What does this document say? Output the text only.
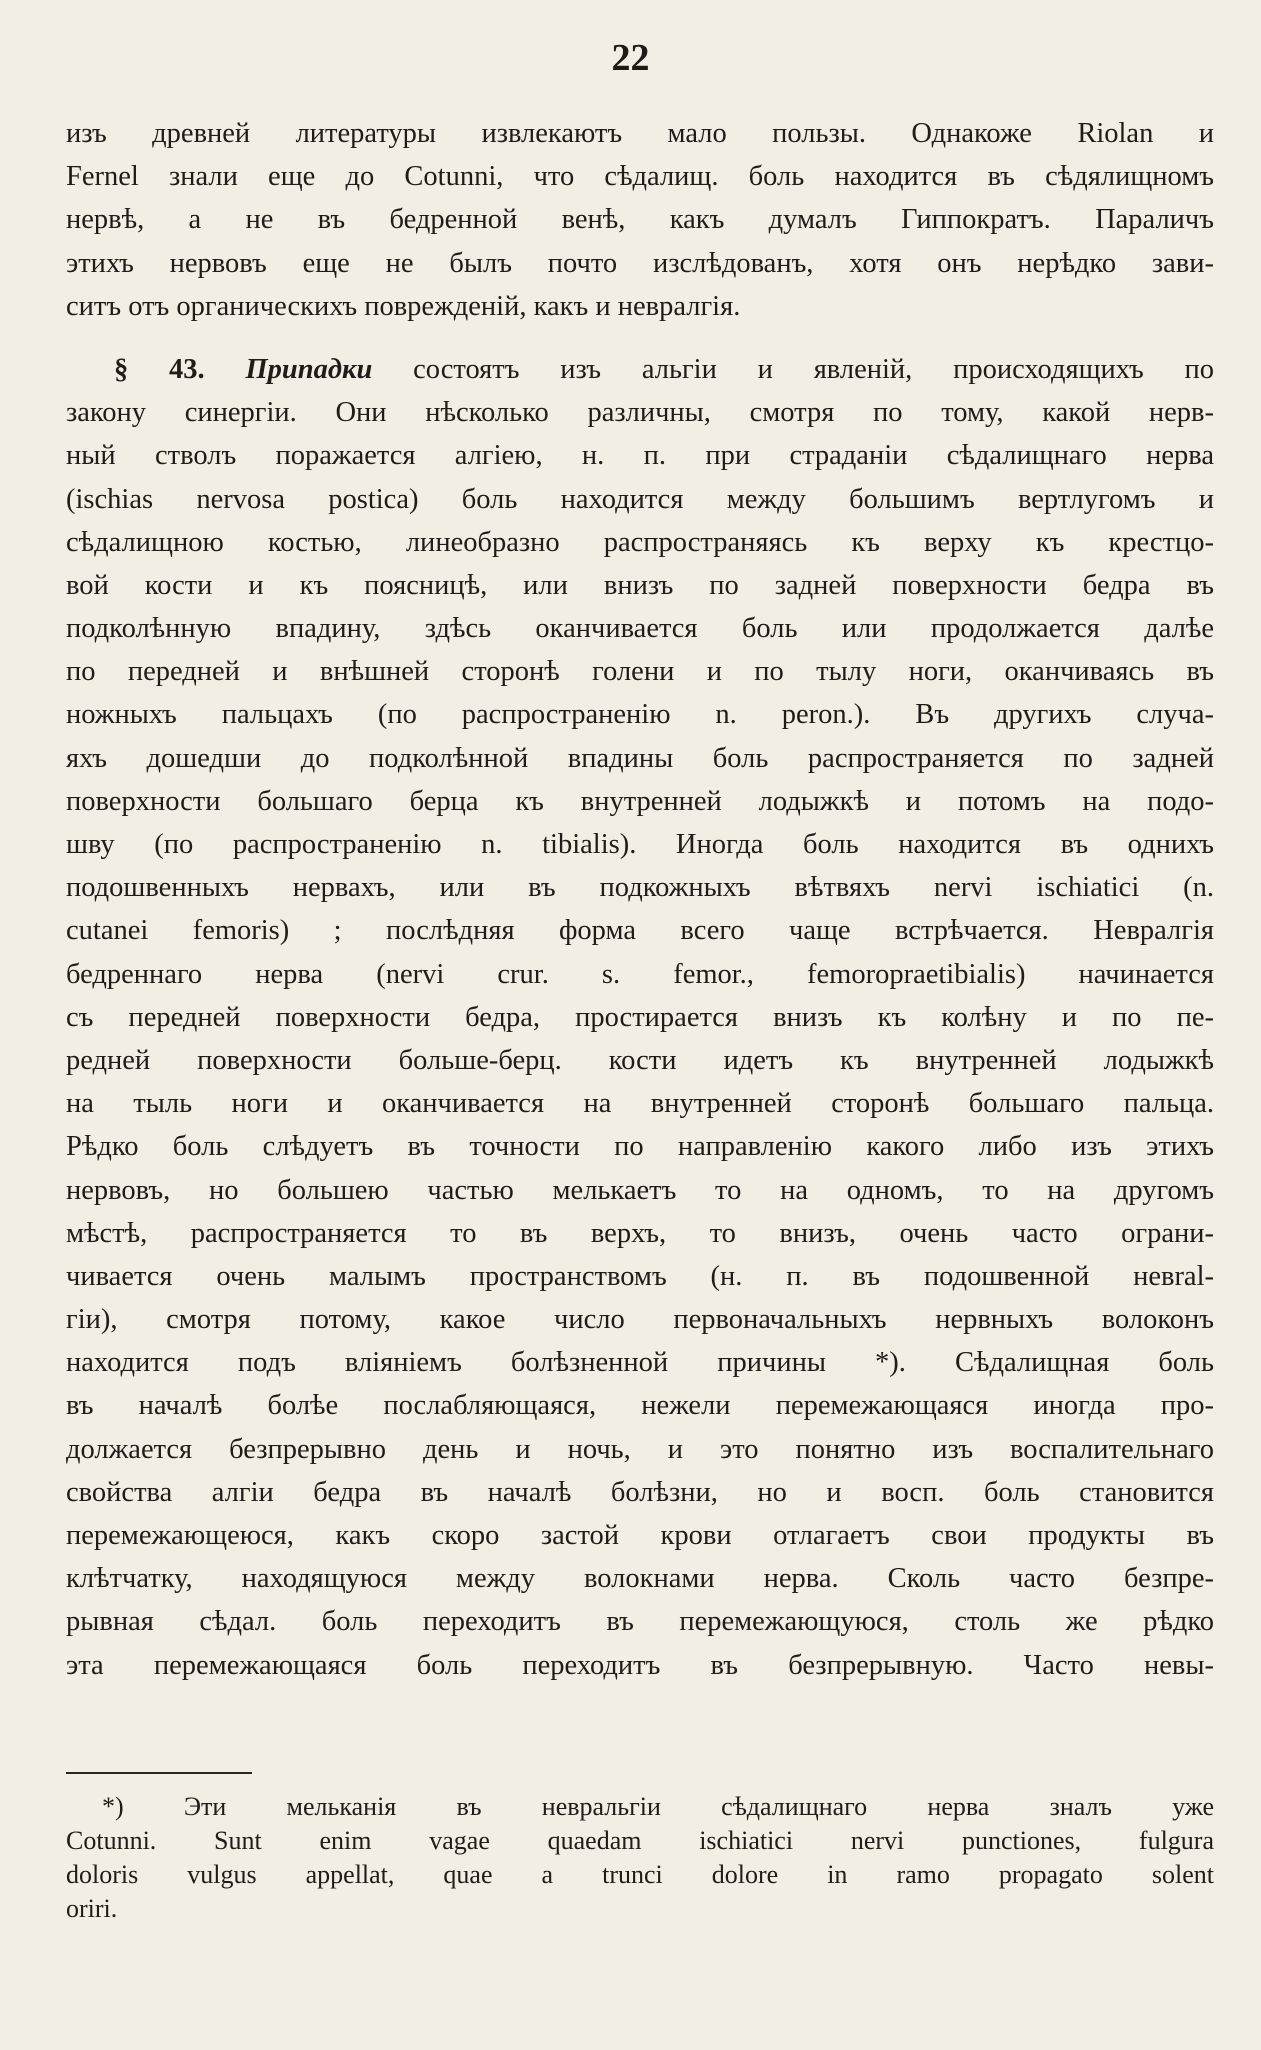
22
изъ древней литературы извлекаютъ мало пользы. Однакоже Riolan и
Fernel знали еще до Cotunni, что сѣдалищ. боль находится въ сѣдялищномъ
нервѣ, а не въ бедренной венѣ, какъ думалъ Гиппократъ. Параличъ
этихъ нервовъ еще не былъ почто изслѣдованъ, хотя онъ нерѣдко зави-
ситъ отъ органическихъ поврежденій, какъ и невралгія.
§ 43. Припадки состоятъ изъ альгіи и явленій, происходящихъ по
закону синергіи. Они нѣсколько различны, смотря по тому, какой нерв-
ный стволъ поражается алгіею, н. п. при страданіи сѣдалищнаго нерва
(ischias nervosa postica) боль находится между большимъ вертлугомъ и
сѣдалищною костью, линеобразно распространяясь къ верху къ крестцо-
вой кости и къ поясницѣ, или внизъ по задней поверхности бедра въ
подколѣнную впадину, здѣсь оканчивается боль или продолжается далѣе
по передней и внѣшней сторонѣ голени и по тылу ноги, оканчиваясь въ
ножныхъ пальцахъ (по распространенію n. peron.). Въ другихъ случа-
яхъ дошедши до подколѣнной впадины боль распространяется по задней
поверхности большаго берца къ внутренней лодыжкѣ и потомъ на подо-
шву (по распространенію n. tibialis). Иногда боль находится въ однихъ
подошвенныхъ нервахъ, или въ подкожныхъ вѣтвяхъ nervi ischiatici (n.
cutanei femoris) ; послѣдняя форма всего чаще встрѣчается. Невралгія
бедреннаго нерва (nervi crur. s. femor., femoropraetibialis) начинается
съ передней поверхности бедра, простирается внизъ къ колѣну и по пе-
редней поверхности больше-берц. кости идетъ къ внутренней лодыжкѣ
на тыль ноги и оканчивается на внутренней сторонѣ большаго пальца.
Рѣдко боль слѣдуетъ въ точности по направленію какого либо изъ этихъ
нервовъ, но большею частью мелькаетъ то на одномъ, то на другомъ
мѣстѣ, распространяется то въ верхъ, то внизъ, очень часто ограни-
чивается очень малымъ пространствомъ (н. п. въ подошвенной невral-
гіи), смотря потому, какое число первоначальныхъ нервныхъ волоконъ
находится подъ вліяніемъ болѣзненной причины *). Сѣдалищная боль
въ началѣ болѣе послабляющаяся, нежели перемежающаяся иногда про-
должается безпрерывно день и ночь, и это понятно изъ воспалительнаго
свойства алгіи бедра въ началѣ болѣзни, но и восп. боль становится
перемежающеюся, какъ скоро застой крови отлагаетъ свои продукты въ
клѣтчатку, находящуюся между волокнами нерва. Сколь часто безпре-
рывная сѣдал. боль переходитъ въ перемежающуюся, столь же рѣдко
эта перемежающаяся боль переходитъ въ безпрерывную. Часто невы-
*) Эти мельканія въ невральгіи сѣдалищнаго нерва зналъ уже
Cotunni. Sunt enim vagae quaedam ischiatici nervi punctiones, fulgura
doloris vulgus appellat, quae a trunci dolore in ramo propagato solent
oriri.
